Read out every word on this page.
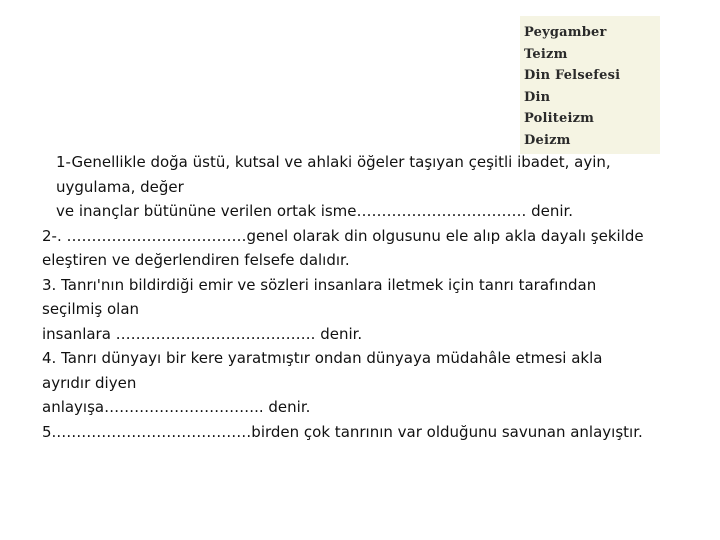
Peygamber
Teizm
Din Felsefesi
Din
Politeizm
Deizm

1-Genellikle doğa üstü, kutsal ve ahlaki öğeler taşıyan çeşitli ibadet, ayin,
uygulama, değer
ve inançlar bütününe verilen ortak isme……………………………. denir.

2-. ………………………………genel olarak din olgusunu ele alıp akla dayalı şekilde
eleştiren ve değerlendiren felsefe dalıdır.

3. Tanrı'nın bildirdiği emir ve sözleri insanlara iletmek için tanrı tarafından
seçilmiş olan
insanlara …………………………………. denir.

4. Tanrı dünyayı bir kere yaratmıştır ondan dünyaya müdahâle etmesi akla
ayrıdır diyen
anlayışa………………………….. denir.

5.…………………………………birden çok tanrının var olduğunu savunan anlayıştır.
